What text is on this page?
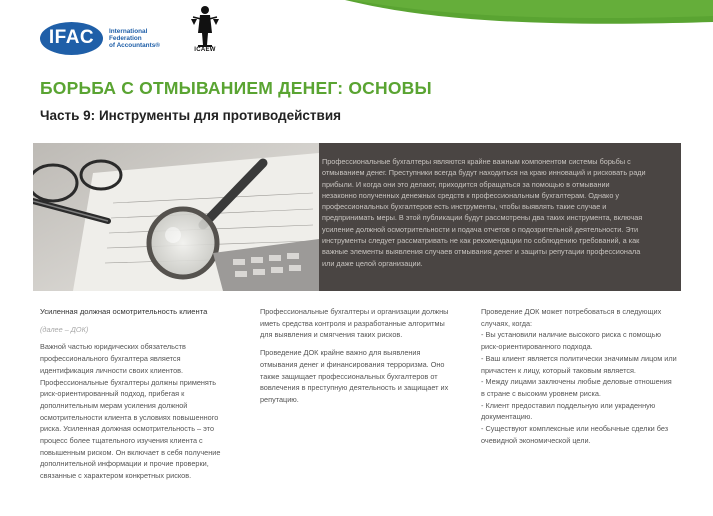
IFAC	International
Federation
of Accountants®
ICAEW
БОРЬБА С ОТМЫВАНИЕМ ДЕНЕГ: ОСНОВЫ
Часть 9: Инструменты для противодействия

Профессиональные бухгалтеры являются крайне важным компонентом системы борьбы с
отмыванием денег. Преступники всегда будут находиться на краю инноваций и рисковать ради
прибыли. И когда они это делают, приходится обращаться за помощью в отмывании
незаконно полученных денежных средств к профессиональным бухгалтерам. Однако у
профессиональных бухгалтеров есть инструменты, чтобы выявлять такие случае и
предпринимать меры. В этой публикации будут рассмотрены два таких инструмента, включая
усиление должной осмотрительности и подача отчетов о подозрительной деятельности. Эти
инструменты следует рассматривать не как рекомендации по соблюдению требований, а как
важные элементы выявления случаев отмывания денег и защиты репутации профессионала
или даже целой организации.

Усиленная должная осмотрительность клиента

(далее – ДОК)

Важной частью юридических обязательств
профессионального бухгалтера является
идентификация личности своих клиентов.
Профессиональные бухгалтеры должны применять
риск-ориентированный подход, прибегая к
дополнительным мерам усиления должной
осмотрительности клиента в условиях повышенного
риска. Усиленная должная осмотрительность – это
процесс более тщательного изучения клиента с
повышенным риском. Он включает в себя получение
дополнительной информации и прочие проверки,
связанные с характером конкретных рисков.

Профессиональные бухгалтеры и организации должны
иметь средства контроля и разработанные алгоритмы
для выявления и смягчения таких рисков.

Проведение ДОК крайне важно для выявления
отмывания денег и финансирования терроризма. Оно
также защищает профессиональных бухгалтеров от
вовлечения в преступную деятельность и защищает их
репутацию.

Проведение ДОК может потребоваться в следующих
случаях, когда:
- Вы установили наличие высокого риска с помощью
риск-ориентированного подхода.
- Ваш клиент является политически значимым лицом или
причастен к лицу, который таковым является.
- Между лицами заключены любые деловые отношения
в стране с высоким уровнем риска.
- Клиент предоставил поддельную или украденную
документацию.
- Существуют комплексные или необычные сделки без
очевидной экономической цели.
